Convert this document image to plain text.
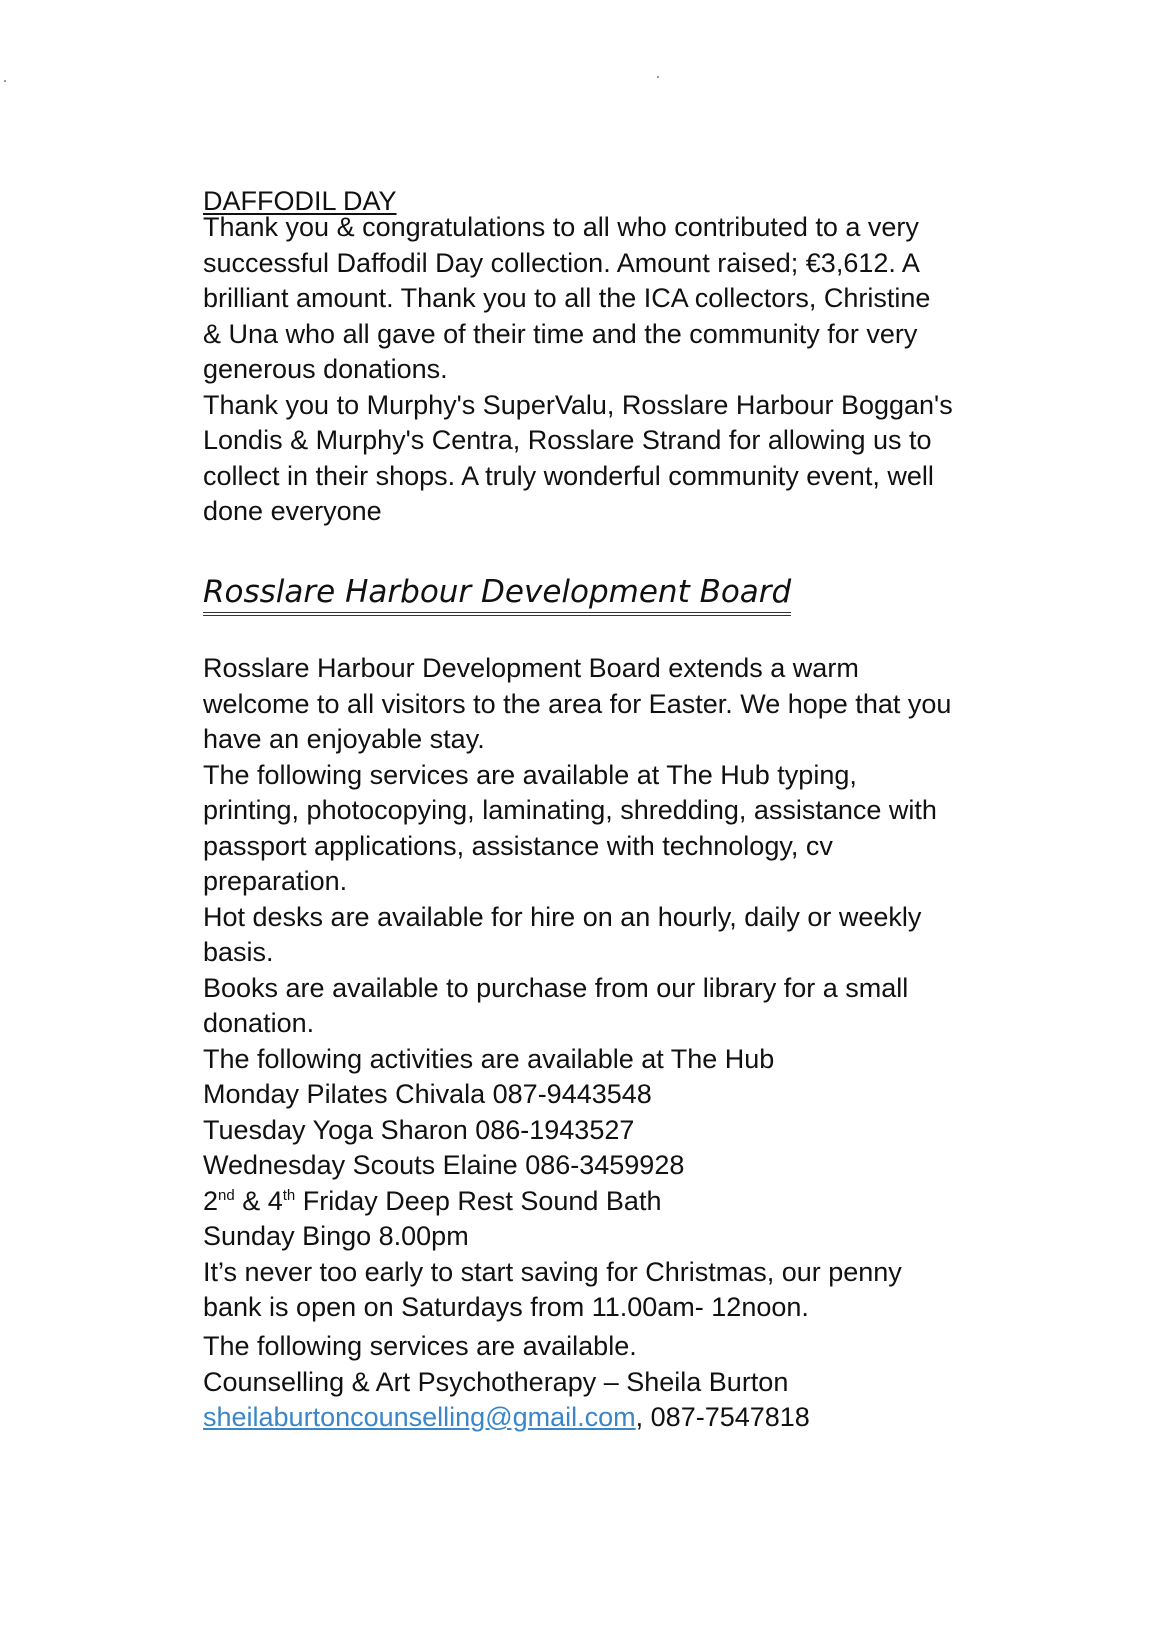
DAFFODIL DAY
Thank you & congratulations to all who contributed to a very
successful Daffodil Day collection. Amount raised; €3,612. A
brilliant amount. Thank you to all the ICA collectors, Christine
& Una who all gave of their time and the community for very
generous donations.
Thank you to Murphy's SuperValu, Rosslare Harbour Boggan's
Londis & Murphy's Centra, Rosslare Strand for allowing us to
collect in their shops. A truly wonderful community event, well
done everyone
Rosslare Harbour Development Board
Rosslare Harbour Development Board extends a warm
welcome to all visitors to the area for Easter. We hope that you
have an enjoyable stay.
The following services are available at The Hub typing,
printing, photocopying, laminating, shredding, assistance with
passport applications, assistance with technology, cv
preparation.
Hot desks are available for hire on an hourly, daily or weekly
basis.
Books are available to purchase from our library for a small
donation.
The following activities are available at The Hub
Monday Pilates Chivala 087-9443548
Tuesday Yoga Sharon 086-1943527
Wednesday Scouts Elaine 086-3459928
2nd & 4th Friday Deep Rest Sound Bath
Sunday Bingo 8.00pm
It’s never too early to start saving for Christmas, our penny
bank is open on Saturdays from 11.00am- 12noon.
The following services are available.
Counselling & Art Psychotherapy – Sheila Burton
sheilaburtoncounselling@gmail.com, 087-7547818
